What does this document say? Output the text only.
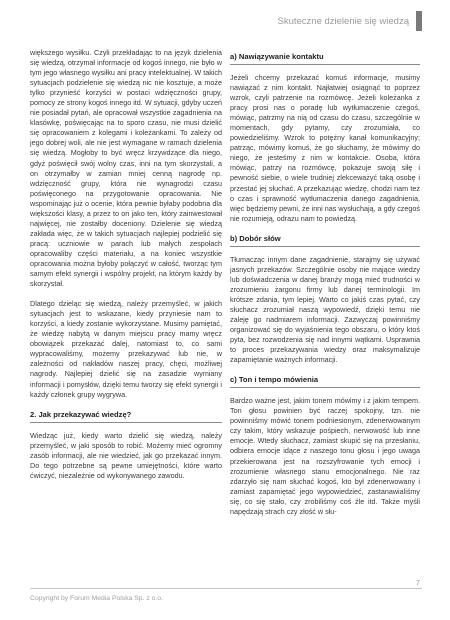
Skuteczne dzielenie się wiedzą

większego wysiłku. Czyli przekładając to na język dzielenia się wiedzą, otrzymał informacje od kogoś innego, nie było w tym jego własnego wysiłku ani pracy intelektualnej. W takich sytuacjach podzielenie się wiedzą nic nie kosztuje, a może tylko przynieść korzyści w postaci wdzięczności grupy, pomocy ze strony kogoś innego itd. W sytuacji, gdyby uczeń nie posiadał pytań, ale opracował wszystkie zagadnienia na klasówkę, poświęcając na to sporo czasu, nie musi dzielić się opracowaniem z kolegami i koleżankami. To zależy od jego dobrej woli, ale nie jest wymagane w ramach dzielenia się wiedzą. Mogłoby to być wręcz krzywdzące dla niego, gdyż poświęcił swój wolny czas, inni na tym skorzystali, a on otrzymałby w zamian mniej cenną nagrodę np. wdzięczność grupy, która nie wynagrodzi czasu poświęconego na przygotowanie opracowania. Nie wspominając już o ocenie, która pewnie byłaby podobna dla większości klasy, a przez to on jako ten, który zainwestował najwięcej, nie zostałby doceniony. Dzielenie się wiedzą zakłada więc, że w takich sytuacjach najlepiej podzielić się pracą: uczniowie w parach lub małych zespołach opracowaliby części materiału, a na koniec wszystkie opracowania można byłoby połączyć w całość, tworząc tym samym efekt synergii i wspólny projekt, na którym każdy by skorzystał.

Dlatego dzieląc się wiedzą, należy przemyśleć, w jakich sytuacjach jest to wskazane, kiedy przyniesie nam to korzyści, a kiedy zostanie wykorzystane. Musimy pamiętać, że wiedzę nabytą w danym miejscu pracy mamy wręcz obowiązek przekazać dalej, natomiast to, co sami wypracowaliśmy, możemy przekazywać lub nie, w zależności od nakładów naszej pracy, chęci, możliwej nagrody. Najlepiej dzielić się na zasadzie wymiany informacji i pomysłów, dzięki temu tworzy się efekt synergii i każdy członek grupy wygrywa.

2. Jak przekazywać wiedzę?

Wiedząc już, kiedy warto dzielić się wiedzą, należy przemyśleć, w jaki sposób to robić. Możemy mieć ogromny zasób informacji, ale nie wiedzieć, jak go przekazać innym. Do tego potrzebne są pewne umiejętności, które warto ćwiczyć, niezależnie od wykonywanego zawodu.

a) Nawiązywanie kontaktu

Jeżeli chcemy przekazać komuś informacje, musimy nawiązać z nim kontakt. Najłatwiej osiągnąć to poprzez wzrok, czyli patrzenie na rozmówcę. Jeżeli koleżanka z pracy prosi nas o poradę lub wytłumaczenie czegoś, mówiąc, patrzmy na nią od czasu do czasu, szczególnie w momentach, gdy pytamy, czy zrozumiała, co powiedzieliśmy. Wzrok to potężny kanał komunikacyjny; patrząc, mówimy komuś, że go słuchamy, że mówimy do niego, że jesteśmy z nim w kontakcie. Osoba, która mówiąc, patrzy na rozmówcę, pokazuje swoją siłę i pewność siebie, o wiele trudniej zlekceważyć taką osobę i przestać jej słuchać. A przekazując wiedzę, chodzi nam też o czas i sprawność wytłumaczenia danego zagadnienia, więc będziemy pewni, że inni nas wysłuchają, a gdy czegoś nie rozumieją, odrazu nam to powiedzą.

b) Dobór słów

Tłumacząc innym dane zagadnienie, starajmy się używać jasnych przekazów. Szczególnie osoby nie mające wiedzy lub doświadczenia w danej branży mogą mieć trudności w zrozumieniu żargonu firmy lub danej terminologii. Im krótsze zdania, tym lepiej. Warto co jakiś czas pytać, czy słuchacz zrozumiał naszą wypowiedź, dzięki temu nie zaleję go nadmiarem informacji. Zazwyczaj powinniśmy organizować się do wyjaśnienia tego obszaru, o który ktoś pyta, bez rozwodzenia się nad innymi wątkami. Usprawnia to proces przekazywania wiedzy oraz maksymalizuje zapamiętanie ważnych informacji.

c) Ton i tempo mówienia

Bardzo ważne jest, jakim tonem mówimy i z jakim tempem. Ton głosu powinien być raczej spokojny, tzn. nie powinniśmy mówić tonem podniesionym, zdenerwowanym czy takim, który wskazuje pośpiech, nerwowość lub inne emocje. Wtedy słuchacz, zamiast skupić się na przesłaniu, odbiera emocje idące z naszego tonu głosu i jego uwaga przekierowana jest na rozszyfrowanie tych emocji i zrozumienie własnego stanu emocjonalnego. Nie raz zdarzyło się nam słuchać kogoś, kto był zdenerwowany i zamiast zapamiętać jego wypowiedzieć, zastanawialiśmy się, co się stało, czy zrobiliśmy coś źle itd. Także myśli napędzają strach czy złość w słu-

7
Copyright by Forum Media Polska Sp. z o.o.
